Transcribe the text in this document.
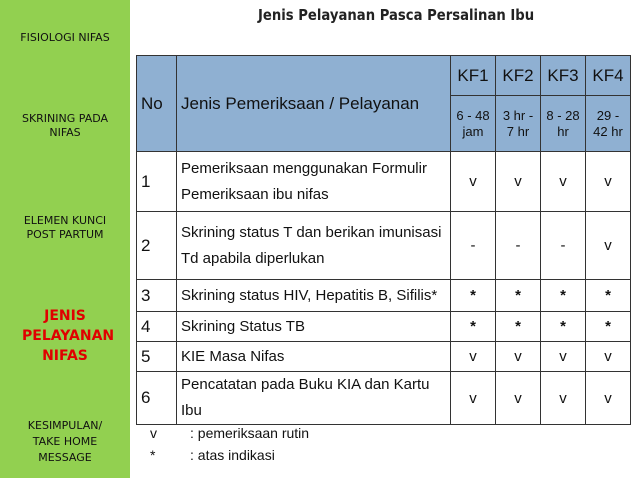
FISIOLOGI NIFAS
SKRINING PADA NIFAS
ELEMEN KUNCI POST PARTUM
JENIS PELAYANAN NIFAS
KESIMPULAN/ TAKE HOME MESSAGE
Jenis Pelayanan Pasca Persalinan Ibu
No	Jenis Pemeriksaan / Pelayanan	KF1	KF2	KF3	KF4
		6 - 48 jam	3 hr - 7 hr	8 - 28 hr	29 - 42 hr
1	Pemeriksaan menggunakan Formulir Pemeriksaan ibu nifas	v	v	v	v
2	Skrining status T dan berikan imunisasi Td apabila diperlukan	-	-	-	v
3	Skrining status HIV, Hepatitis B, Sifilis*	*	*	*	*
4	Skrining Status TB	*	*	*	*
5	KIE Masa Nifas	v	v	v	v
6	Pencatatan pada Buku KIA dan Kartu Ibu	v	v	v	v
v	: pemeriksaan rutin
*	: atas indikasi
